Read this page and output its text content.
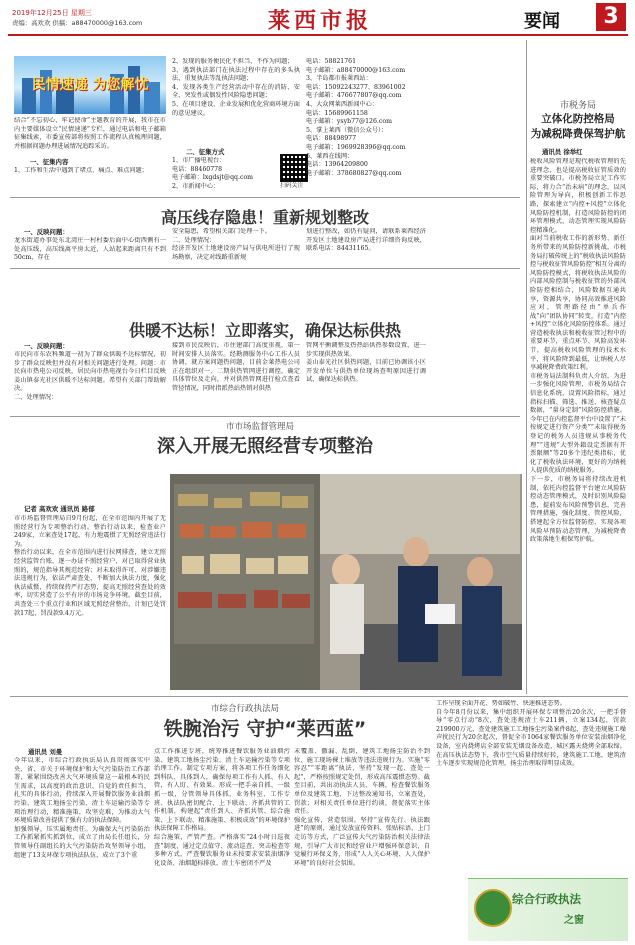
2019年12月25日 星期三
责编：高欢欢 供稿：a88470000@163.com	莱西市报	要闻	3
民情速递 为您解忧
结合“不忘初心、牢记使命”主题教育的开展，我市在市内主要媒体设立“民情速递”专栏，通过电话和电子邮箱征集线索，市委宣传部将按照工作流程认真梳理问题，并根据问题办理进展情况追踪采访。
一、征集内容
1、工作和生活中遇到了堵点、痛点、难点问题；
2、发现的服务便民化不担当、不作为问题；
3、遇到执法部门在执法过程中存在的多头执法、重复执法等乱执法问题；
4、发现各类生产经营活动中存在的消防、安全、突发性或偶发性风险隐患问题；
5、在项目建设、企业发展和优化营商环境方面的意见建议。
二、征集方式
1、市广播电视台：
电话：88460778
电子邮箱：lxgdsjt@qq.com
2、市新闻中心：	扫码关注
电话：58821761
电子邮箱：a88470000@163.com
3、半岛都市报莱西站：
电话：15092243277、83961002
电子邮箱：476677807@qq.com
4、大众网莱西新闻中心：
电话：15689961158
电子邮箱：ysyb77@126.com
5、掌上莱西（微信公众号）：
电话：88498977
电子邮箱：1969928396@qq.com
6、莱西在线网：
电话：13964209800
电子邮箱：378680827@qq.com
高压线存隐患！重新规划整改
一、反映问题：
龙水街道办事处东北湾庄一村村委后面中心街西侧有一处高压线，高压线离平房太近，人站起来距离只有不到50cm，存在
安全隐患，希望相关部门处理一下。
二、处理情况：
经济开发区土地建设房产局与供电所进行了现场勘察，决定对线路重新规
划进行整改，如仍有疑问，请联系莱西经济开发区土地建设房产局进行详细咨询反映，联系电话：84431165。
供暖不达标！立即落实，确保达标供热
一、反映问题：
市民向市东农科频道一初为了群众供暖不达标情况，初步了群众反映但并没有对相关问题进行处理。问题：市民向市热电公司反映，居民向市热电视台今日栏目反映姜山镇泰光社区供暖不达标问题。希望有关部门帮助解决。
二、处理情况：
接到市民反映后，市住建部门高度重视，第一时间安排人员落实。经勘测服务中心工作人员协调，就方案问题热问题，目前金莱热电公司正在组织对一、二期供热管网进行调控，确定具体管位及走向，并对供热管网进行检点查看管径情况，同时指派热站热销对供热
管网平衡调整及热热站供热参数设置，进一步实现供热效果。
姜山泰光社区供热问题，目前已协调该小区开发单位与供热单位现场查明原因进行调试，确保达标供热。
市市场监督管理局
深入开展无照经营专项整治
记者 高欢欢 通讯员 路郁
市市场监督管理局自9月份起，在全市范围内开展了无照经营行为专项整治行动。整治行动以来，检查业户249家，立案查处17起，有力地震慑了无照经营违法行为。
整治行动以来，在全市范围内进行拉网排查，建立无照经营监管台账，逐一办证不照经营户，对已取得营业执照的，规范指导其规范经营；对未取得许可、对涉嫌违法违规行为，依法严肃查处，不断加大执法力度，强化执法威慑，持续保持严打态势，提高无照经营查处的效率，切实营造了公平有序的市场竞争环境。截至目前，共查处三个重点行业和区域无照经营整治，计划已处罚款17起，罚没款9.4万元。
市税务局
立体化防控格局
为减税降费保驾护航
通讯员 徐举红
税收风险管理是现代税收管理的先进理念，也是提高税收征管质效的重要突破口。市税务局立足工作实际，将力合“治未病”的理念，以风险管理为导向，积极创新工作思路，探索建立“内控+风控”立体化风险防控机制，打造风险防控的闭环管理模式，动态管理实现风险防控精准化。
面对当前税收工作的新形势、新任务所带来的风险防控新挑战，市税务局打破传统上的“税收执法风险防控与税收征管风险防控”相互分离的风险防控模式，将税收执法风险的内部风险控制与税收征管的外部风险防控相结合，风险数据互通共享，资源共享，协同高效推进风险应对，管理路径由“单兵作战”向“团队协同”转变，打造“内控+风控”立体化风险防控体系。通过营造税收执法和税收征管过程中的重要环节，重点环节、风险高发环节，提高税收风险管理的技术水平，将风险降到最低，让纳税人尽享减税降费政策红利。
市税务局法制科负责人介绍，为进一步强化风险管理，市税务局结合信息化系统，设置风险指标，通过指标扫描、筛选、推送、核查疑点数据，“量身定制”风险防控措施。今年已在内控监督平台中设置了“未按规定进行资产分类”“未取得税务登记的税务人员违规从事税务代理”“违规”大型外籍设定票据有开票限额”等20多个违纪类指标，优化了税收执法环境，更好的为纳税人提供优质的纳税服务。
下一步，市税务局将持续改进机制，依托内控监督平台建立风险防控动态管理模式，及时识别风险隐患，提前发布风险预警信息，完善管理措施，强化制度、管控风险，搭建起全方位监督防控、实现各项风险早预防动态管理，为减税降费政策落地生根保驾护航。
市综合行政执法局
铁腕治污 守护“莱西蓝”
通讯员 刘曼
今年以来，市综合行政执法局认真贯彻落实中央、省、市关于环境保护和大气污染防治工作部署，紧紧围绕改善大气环境质量这一最根本的民生需求，以高度的政治意识、自觉的责任担当、扎实的具体行动，持续深入开展餐饮服务业油烟污染、建筑工地扬尘污染、渣土车运输污染等专项治理行动，精准施策，攻坚克难，为推动大气环境质量改善提供了强有力的执法保障。
加强领导，压实属地责任。为确保大气污染防治工作抓紧抓实抓到位，成立了由局长任组长，分管领导任副组长的大气污染防治攻坚领导小组，组建了13支环保专项执法队伍，成立了3个重
点工作推进专班，统筹推进餐饮服务业油烟污染、建筑工地扬尘污染、渣土车运输污染等专项治理工作。制定专项方案，将各项工作任务细化到科队、具体到人，确保每项工作有人抓、有人管，有人盯、有效果。形成一把手亲自抓、一级抓一级，分管领导具体抓，业务科室、工作专班、执法队密切配合、上下联动、齐抓共管的工作机制，构建起“责任到人、齐抓共管、综合施策、上下联动、精准施策、积极成效”的环境保护执法保障工作格局。
综合施策，严管严查。严格落实“24小时日巡夜查”制度，通过定点值守、流动巡查、突击检查等多种方式，严查餐饮服务业未按要求安装油烟净化设备、油烟超标排放、渣土车密闭不严及
未覆盖、撒漏、乱倒，建筑工地扬尘防治不到位、施工现场裸土堆放等违法违规行为。实施“零容忍”“零距离”执法，坚持“发现一起、查处一起”，严格按照规定处罚，形成高压震慑态势。截至目前，共出动执法人员、车辆，检查餐饮服务单位及建筑工地，下达整改通知书，立案查处，罚款；对相关责任单位进行约谈，督促落实主体责任。
强化宣传，营造氛围。坚持“宣传先行、执法跟进”的原则，通过发放宣传资料、张贴标语、上门走访等方式，广泛宣传大气污染防治相关法律法规，引导广大市民和经营业户增强环保意识，自觉履行环保义务，形成“人人关心环境、人人保护环境”的良好社会氛围。
工作呈现全面开花、势如破竹、快速推进态势。
自今年8月份以来，集中组织开展环保专项整治20余次，一把手督导“零点行动”8次，查处违规渣土车211辆，立案134起，罚款219900万元，查处建筑施工工地扬尘污染案件8起，查处违规施工噪声扰民行为20余起次，督促全市1064家餐饮服务单位安装油烟净化设备，室内烧烤店全部安装无烟设备改造，城区露天烧烤全部取缔。在高压执法态势下，我市空气质量持续好转，建筑施工工地、建筑渣土车逐步实现规范化管理，扬尘治理取得明显成效。
综合行政执法
之窗
